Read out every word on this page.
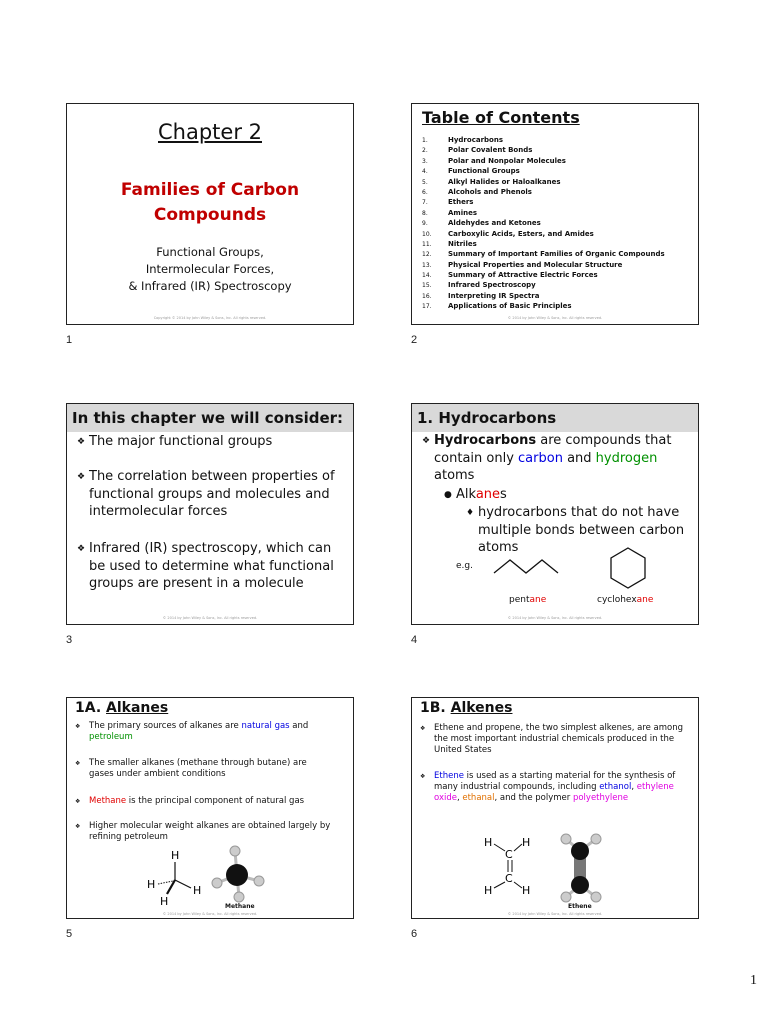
Chapter 2
Families of Carbon
Compounds
Functional Groups,
Intermolecular Forces,
& Infrared (IR) Spectroscopy
Copyright © 2014 by John Wiley & Sons, Inc. All rights reserved.
1
Table of Contents
1.	Hydrocarbons
2.	Polar Covalent Bonds
3.	Polar and Nonpolar Molecules
4.	Functional Groups
5.	Alkyl Halides or Haloalkanes
6.	Alcohols and Phenols
7.	Ethers
8.	Amines
9.	Aldehydes and Ketones
10. Carboxylic Acids, Esters, and Amides
11. Nitriles
12. Summary of Important Families of Organic Compounds
13. Physical Properties and Molecular Structure
14. Summary of Attractive Electric Forces
15. Infrared Spectroscopy
16. Interpreting IR Spectra
17. Applications of Basic Principles
© 2014 by John Wiley & Sons, Inc. All rights reserved.
2
In this chapter we will consider:
❖ The major functional groups
❖ The correlation between properties of
functional groups and molecules and
intermolecular forces
❖ Infrared (IR) spectroscopy, which can
be used to determine what functional
groups are present in a molecule
© 2014 by John Wiley & Sons, Inc. All rights reserved.
3
1. Hydrocarbons
❖ Hydrocarbons are compounds that
contain only carbon and hydrogen
atoms
● Alkanes
♦ hydrocarbons that do not have
multiple bonds between carbon
atoms
e.g.
pentane	cyclohexane
© 2014 by John Wiley & Sons, Inc. All rights reserved.
4
1A. Alkanes
❖ The primary sources of alkanes are natural gas and
petroleum
❖ The smaller alkanes (methane through butane) are gases under ambient conditions
❖ Methane is the principal component of natural gas
❖ Higher molecular weight alkanes are obtained largely by refining petroleum
H
H
H
H	Methane
© 2014 by John Wiley & Sons, Inc. All rights reserved.
5
1B. Alkenes
❖ Ethene and propene, the two simplest alkenes, are among the most important industrial chemicals produced in the United States
❖ Ethene is used as a starting material for the synthesis of many industrial compounds, including ethanol, ethylene oxide, ethanal, and the polymer polyethylene
H	H
C
C
H	H
Ethene
© 2014 by John Wiley & Sons, Inc. All rights reserved.
6
1
